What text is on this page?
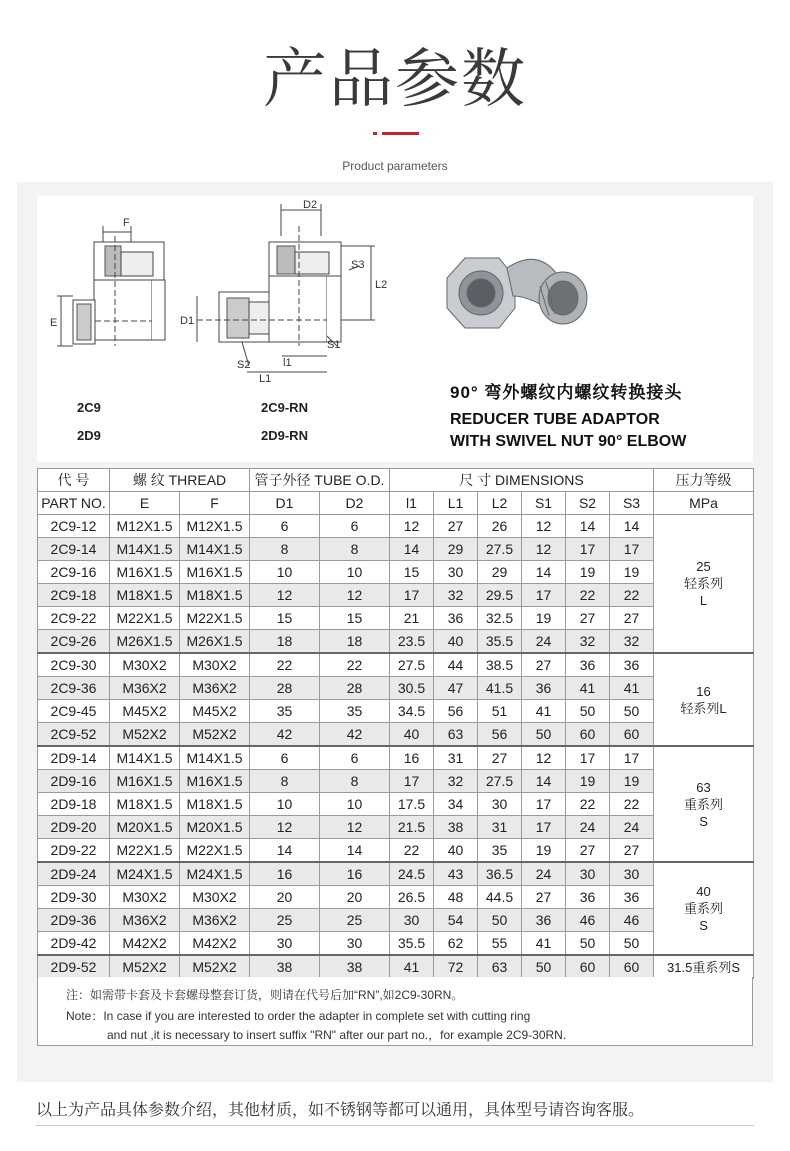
产品参数
Product parameters
F
E
D2
S3
L2
D1
S1
S2	l1
L1
2C9
2D9
2C9-RN
2D9-RN
90° 弯外螺纹内螺纹转换接头
REDUCER TUBE ADAPTOR
WITH SWIVEL NUT 90° ELBOW
代 号	螺 纹 THREAD		管子外径 TUBE O.D.		尺 寸 DIMENSIONS						压力等级
PART NO.	E	F	D1	D2	l1	L1	L2	S1	S2	S3	MPa
2C9-12	M12X1.5	M12X1.5	6	6	12	27	26	12	14	14	25
轻系列
L

2C9-14	M14X1.5	M14X1.5	8	8	14	29	27.5	12	17	17	
2C9-16	M16X1.5	M16X1.5	10	10	15	30	29	14	19	19	
2C9-18	M18X1.5	M18X1.5	12	12	17	32	29.5	17	22	22	
2C9-22	M22X1.5	M22X1.5	15	15	21	36	32.5	19	27	27	
2C9-26	M26X1.5	M26X1.5	18	18	23.5	40	35.5	24	32	32	
2C9-30	M30X2	M30X2	22	22	27.5	44	38.5	27	36	36	16
轻系列L

2C9-36	M36X2	M36X2	28	28	30.5	47	41.5	36	41	41	
2C9-45	M45X2	M45X2	35	35	34.5	56	51	41	50	50	
2C9-52	M52X2	M52X2	42	42	40	63	56	50	60	60	
2D9-14	M14X1.5	M14X1.5	6	6	16	31	27	12	17	17	63
重系列
S

2D9-16	M16X1.5	M16X1.5	8	8	17	32	27.5	14	19	19	
2D9-18	M18X1.5	M18X1.5	10	10	17.5	34	30	17	22	22	
2D9-20	M20X1.5	M20X1.5	12	12	21.5	38	31	17	24	24	
2D9-22	M22X1.5	M22X1.5	14	14	22	40	35	19	27	27	
2D9-24	M24X1.5	M24X1.5	16	16	24.5	43	36.5	24	30	30	40
重系列
S

2D9-30	M30X2	M30X2	20	20	26.5	48	44.5	27	36	36	
2D9-36	M36X2	M36X2	25	25	30	54	50	36	46	46	
2D9-42	M42X2	M42X2	30	30	35.5	62	55	41	50	50	
2D9-52	M52X2	M52X2	38	38	41	72	63	50	60	60	31.5重系列S
注：如需带卡套及卡套螺母整套订货，则请在代号后加“RN”,如2C9-30RN。
Note：In case if you are interested to order the adapter in complete set with cutting ring
and nut ,it is necessary to insert suffix "RN" after our part no.，for example 2C9-30RN.
以上为产品具体参数介绍，其他材质，如不锈钢等都可以通用，具体型号请咨询客服。
